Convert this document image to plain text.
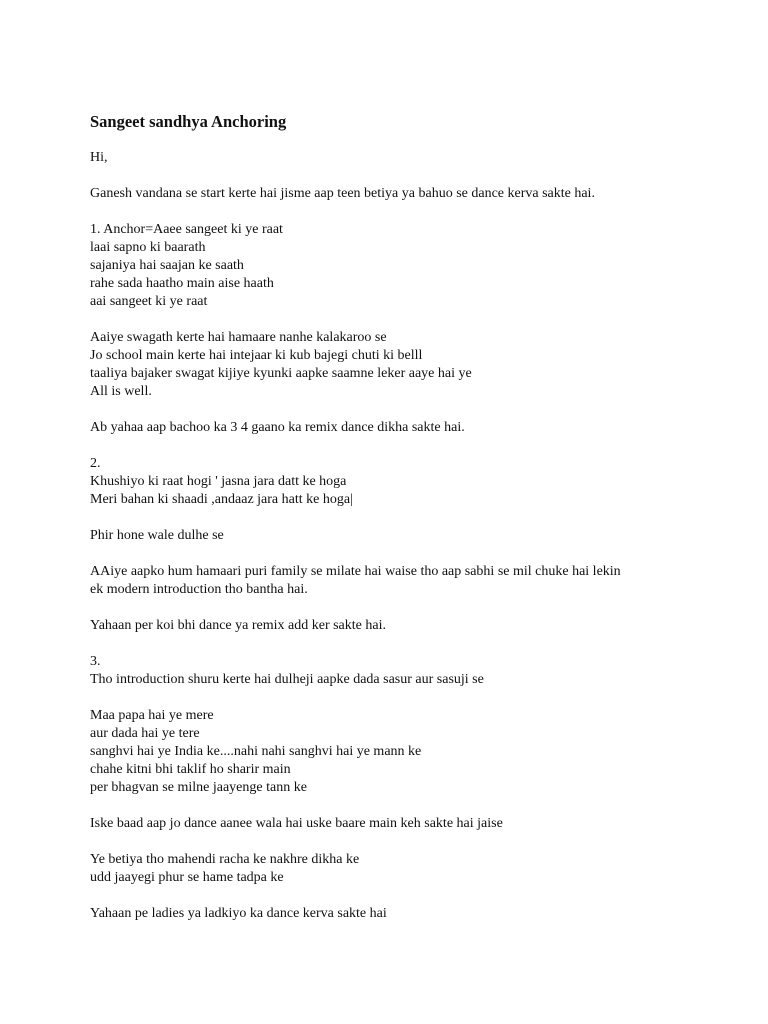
Sangeet sandhya Anchoring
Hi,
Ganesh vandana se start kerte hai jisme aap teen betiya ya bahuo se dance kerva sakte hai.
1. Anchor=Aaee sangeet ki ye raat
laai sapno ki baarath
sajaniya hai saajan ke saath
rahe sada haatho main aise haath
aai sangeet ki ye raat
Aaiye swagath kerte hai hamaare nanhe kalakaroo se
Jo school main kerte hai intejaar ki kub bajegi chuti ki belll
taaliya bajaker swagat kijiye kyunki aapke saamne leker aaye hai ye
All is well.
Ab yahaa aap bachoo ka 3 4 gaano ka remix dance dikha sakte hai.
2.
Khushiyo ki raat hogi ' jasna jara datt ke hoga
Meri bahan ki shaadi ,andaaz jara hatt ke hoga|
Phir hone wale dulhe se
AAiye aapko hum hamaari puri family se milate hai waise tho aap sabhi se mil chuke hai lekin
ek modern introduction tho bantha hai.
Yahaan per koi bhi dance ya remix add ker sakte hai.
3.
Tho introduction shuru kerte hai dulheji aapke dada sasur aur sasuji se
Maa papa hai ye mere
aur dada hai ye tere
sanghvi hai ye India ke....nahi nahi sanghvi hai ye mann ke
chahe kitni bhi taklif ho sharir main
per bhagvan se milne jaayenge tann ke
Iske baad aap jo dance aanee wala hai uske baare main keh sakte hai jaise
Ye betiya tho mahendi racha ke nakhre dikha ke
udd jaayegi phur se hame tadpa ke
Yahaan pe ladies ya ladkiyo ka dance kerva sakte hai
